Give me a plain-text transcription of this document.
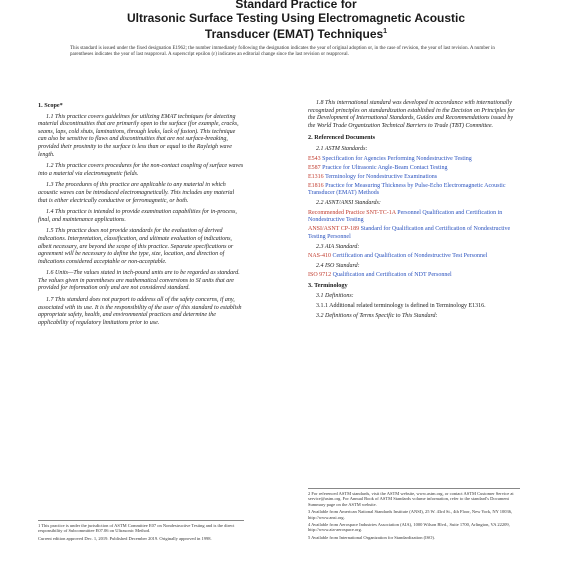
Standard Practice for
Ultrasonic Surface Testing Using Electromagnetic Acoustic
Transducer (EMAT) Techniques$^1$
This standard is issued under the fixed designation E1962; the number immediately following the designation indicates the year of original adoption or, in the case of revision, the year of last revision. A number in parentheses indicates the year of last reapproval. A superscript epsilon (ε) indicates an editorial change since the last revision or reapproval.
1. Scope*

1.1 This practice covers guidelines for utilizing EMAT techniques for detecting material discontinuities that are primarily open to the surface (for example, cracks, seams, laps, cold shuts, laminations, through leaks, lack of fusion). This technique can also be sensitive to flaws and discontinuities that are not surface-breaking, provided their proximity to the surface is less than or equal to the Rayleigh wave length.

1.2 This practice covers procedures for the non-contact coupling of surface waves into a material via electromagnetic fields.

1.3 The procedures of this practice are applicable to any material in which acoustic waves can be introduced electromagnetically. This includes any material that is either electrically conductive or ferromagnetic, or both.

1.4 This practice is intended to provide examination capabilities for in-process, final, and maintenance applications.

1.5 This practice does not provide standards for the evaluation of derived indications. Interpretation, classification, and ultimate evaluation of indications, albeit necessary, are beyond the scope of this practice. Separate specifications or agreement will be necessary to define the type, size, location, and direction of indications considered acceptable or non-acceptable.

1.6 Units—The values stated in inch-pound units are to be regarded as standard. The values given in parentheses are mathematical conversions to SI units that are provided for information only and are not considered standard.

1.7 This standard does not purport to address all of the safety concerns, if any, associated with its use. It is the responsibility of the user of this standard to establish appropriate safety, health, and environmental practices and determine the applicability of regulatory limitations prior to use.

1 This practice is under the jurisdiction of ASTM Committee E07 on Nondestructive Testing and is the direct responsibility of Subcommittee E07.06 on Ultrasonic Method.

Current edition approved Dec. 1, 2019. Published December 2019. Originally approved in 1998.

1.8 This international standard was developed in accordance with internationally recognized principles on standardization established in the Decision on Principles for the Development of International Standards, Guides and Recommendations issued by the World Trade Organization Technical Barriers to Trade (TBT) Committee.

2. Referenced Documents

2.1 ASTM Standards:

E543 Specification for Agencies Performing Nondestructive Testing

E587 Practice for Ultrasonic Angle-Beam Contact Testing

E1316 Terminology for Nondestructive Examinations

E1816 Practice for Measuring Thickness by Pulse-Echo Electromagnetic Acoustic Transducer (EMAT) Methods

2.2 ASNT/ANSI Standards:

Recommended Practice SNT-TC-1A Personnel Qualification and Certification in Nondestructive Testing

ANSI/ASNT CP-189 Standard for Qualification and Certification of Nondestructive Testing Personnel

2.3 AIA Standard:

NAS-410 Certification and Qualification of Nondestructive Test Personnel

2.4 ISO Standard:

ISO 9712 Qualification and Certification of NDT Personnel

3. Terminology

3.1 Definitions:

3.1.1 Additional related terminology is defined in Terminology E1316.

3.2 Definitions of Terms Specific to This Standard:

2 For referenced ASTM standards, visit the ASTM website, www.astm.org, or contact ASTM Customer Service at service@astm.org. For Annual Book of ASTM Standards volume information, refer to the standard's Document Summary page on the ASTM website.

3 Available from American National Standards Institute (ANSI), 25 W. 43rd St., 4th Floor, New York, NY 10036, http://www.ansi.org.

4 Available from Aerospace Industries Association (AIA), 1000 Wilson Blvd., Suite 1700, Arlington, VA 22209, http://www.aia-aerospace.org.

5 Available from International Organization for Standardization (ISO).
